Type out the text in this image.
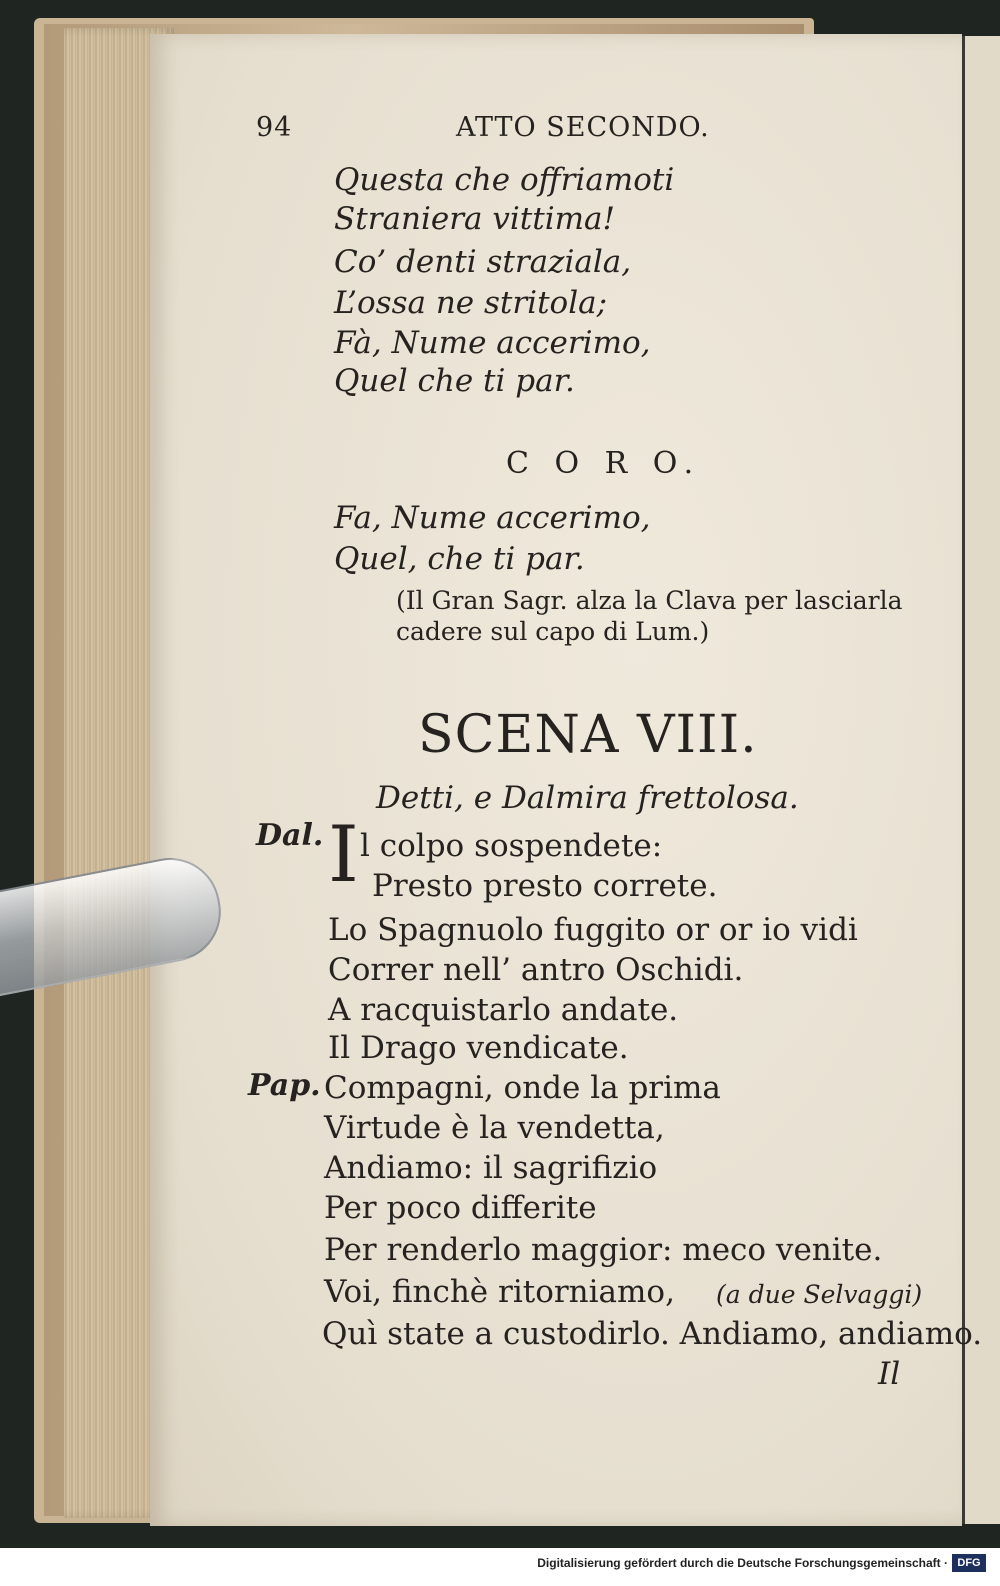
94	ATTO SECONDO.
Questa che offriamoti
Straniera vittima!
Co’ denti straziala,
L’ossa ne stritola;
Fà, Nume accerimo,
Quel che ti par.
C O R O.
Fa, Nume accerimo,
Quel, che ti par.
(Il Gran Sagr. alza la Clava per lasciarla
cadere sul capo di Lum.)
SCENA VIII.
Detti, e Dalmira frettolosa.
Dal. I l colpo sospendete:
Presto presto correte.
Lo Spagnuolo fuggito or or io vidi
Correr nell’ antro Oschidi.
A racquistarlo andate.
Il Drago vendicate.
Pap. Compagni, onde la prima
Virtude è la vendetta,
Andiamo: il sagrifizio
Per poco differite
Per renderlo maggior: meco venite.
Voi, finchè ritorniamo, (a due Selvaggi)
Quì state a custodirlo. Andiamo, andiamo.
Il
Digitalisierung gefördert durch die Deutsche Forschungsgemeinschaft · DFG
